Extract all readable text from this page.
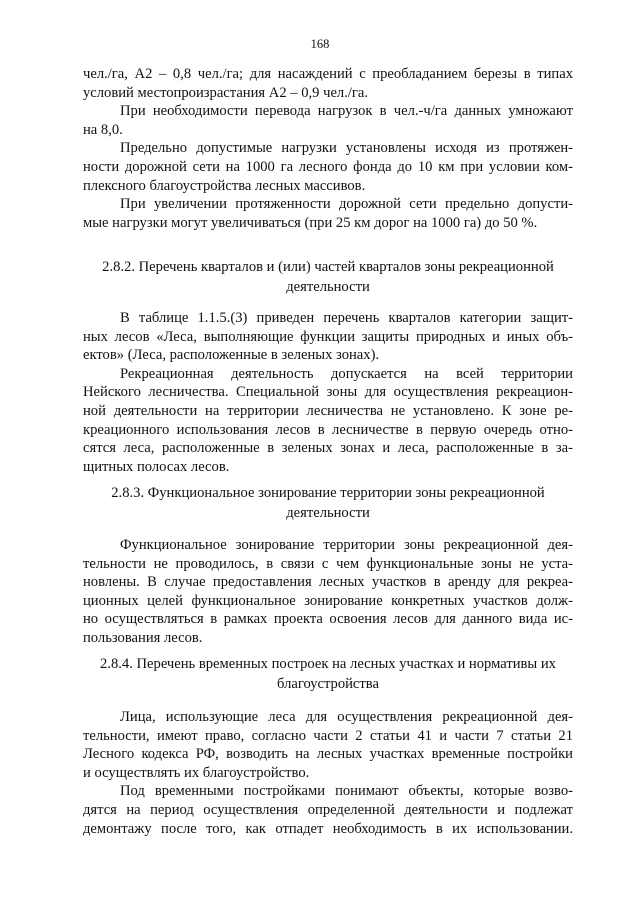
168

чел./га, А2 – 0,8 чел./га; для насаждений с преобладанием березы в типах

условий местопроизрастания А2 – 0,9 чел./га.

При необходимости перевода нагрузок в чел.-ч/га данных умножают

на 8,0.

Предельно допустимые нагрузки установлены исходя из протяжен-

ности дорожной сети на 1000 га лесного фонда до 10 км при условии ком-

плексного благоустройства лесных массивов.

При увеличении протяженности дорожной сети предельно допусти-

мые нагрузки могут увеличиваться (при 25 км дорог на 1000 га) до 50 %.

2.8.2. Перечень кварталов и (или) частей кварталов зоны рекреационной
деятельности

В таблице 1.1.5.(3) приведен перечень кварталов категории защит-

ных лесов «Леса, выполняющие функции защиты природных и иных объ-

ектов» (Леса, расположенные в зеленых зонах).

Рекреационная деятельность допускается на всей территории

Нейского лесничества. Специальной зоны для осуществления рекреацион-

ной деятельности на территории лесничества не установлено. К зоне ре-

креационного использования лесов в лесничестве в первую очередь отно-

сятся леса, расположенные в зеленых зонах и леса, расположенные в за-

щитных полосах лесов.

2.8.3. Функциональное зонирование территории зоны рекреационной
деятельности

Функциональное зонирование территории зоны рекреационной дея-

тельности не проводилось, в связи с чем функциональные зоны не уста-

новлены. В случае предоставления лесных участков в аренду для рекреа-

ционных целей функциональное зонирование конкретных участков долж-

но осуществляться в рамках проекта освоения лесов для данного вида ис-

пользования лесов.

2.8.4. Перечень временных построек на лесных участках и нормативы их
благоустройства

Лица, использующие леса для осуществления рекреационной дея-

тельности, имеют право, согласно части 2 статьи 41 и части 7 статьи 21

Лесного кодекса РФ, возводить на лесных участках временные постройки

и осуществлять их благоустройство.

Под временными постройками понимают объекты, которые возво-

дятся на период осуществления определенной деятельности и подлежат

демонтажу после того, как отпадет необходимость в их использовании.
